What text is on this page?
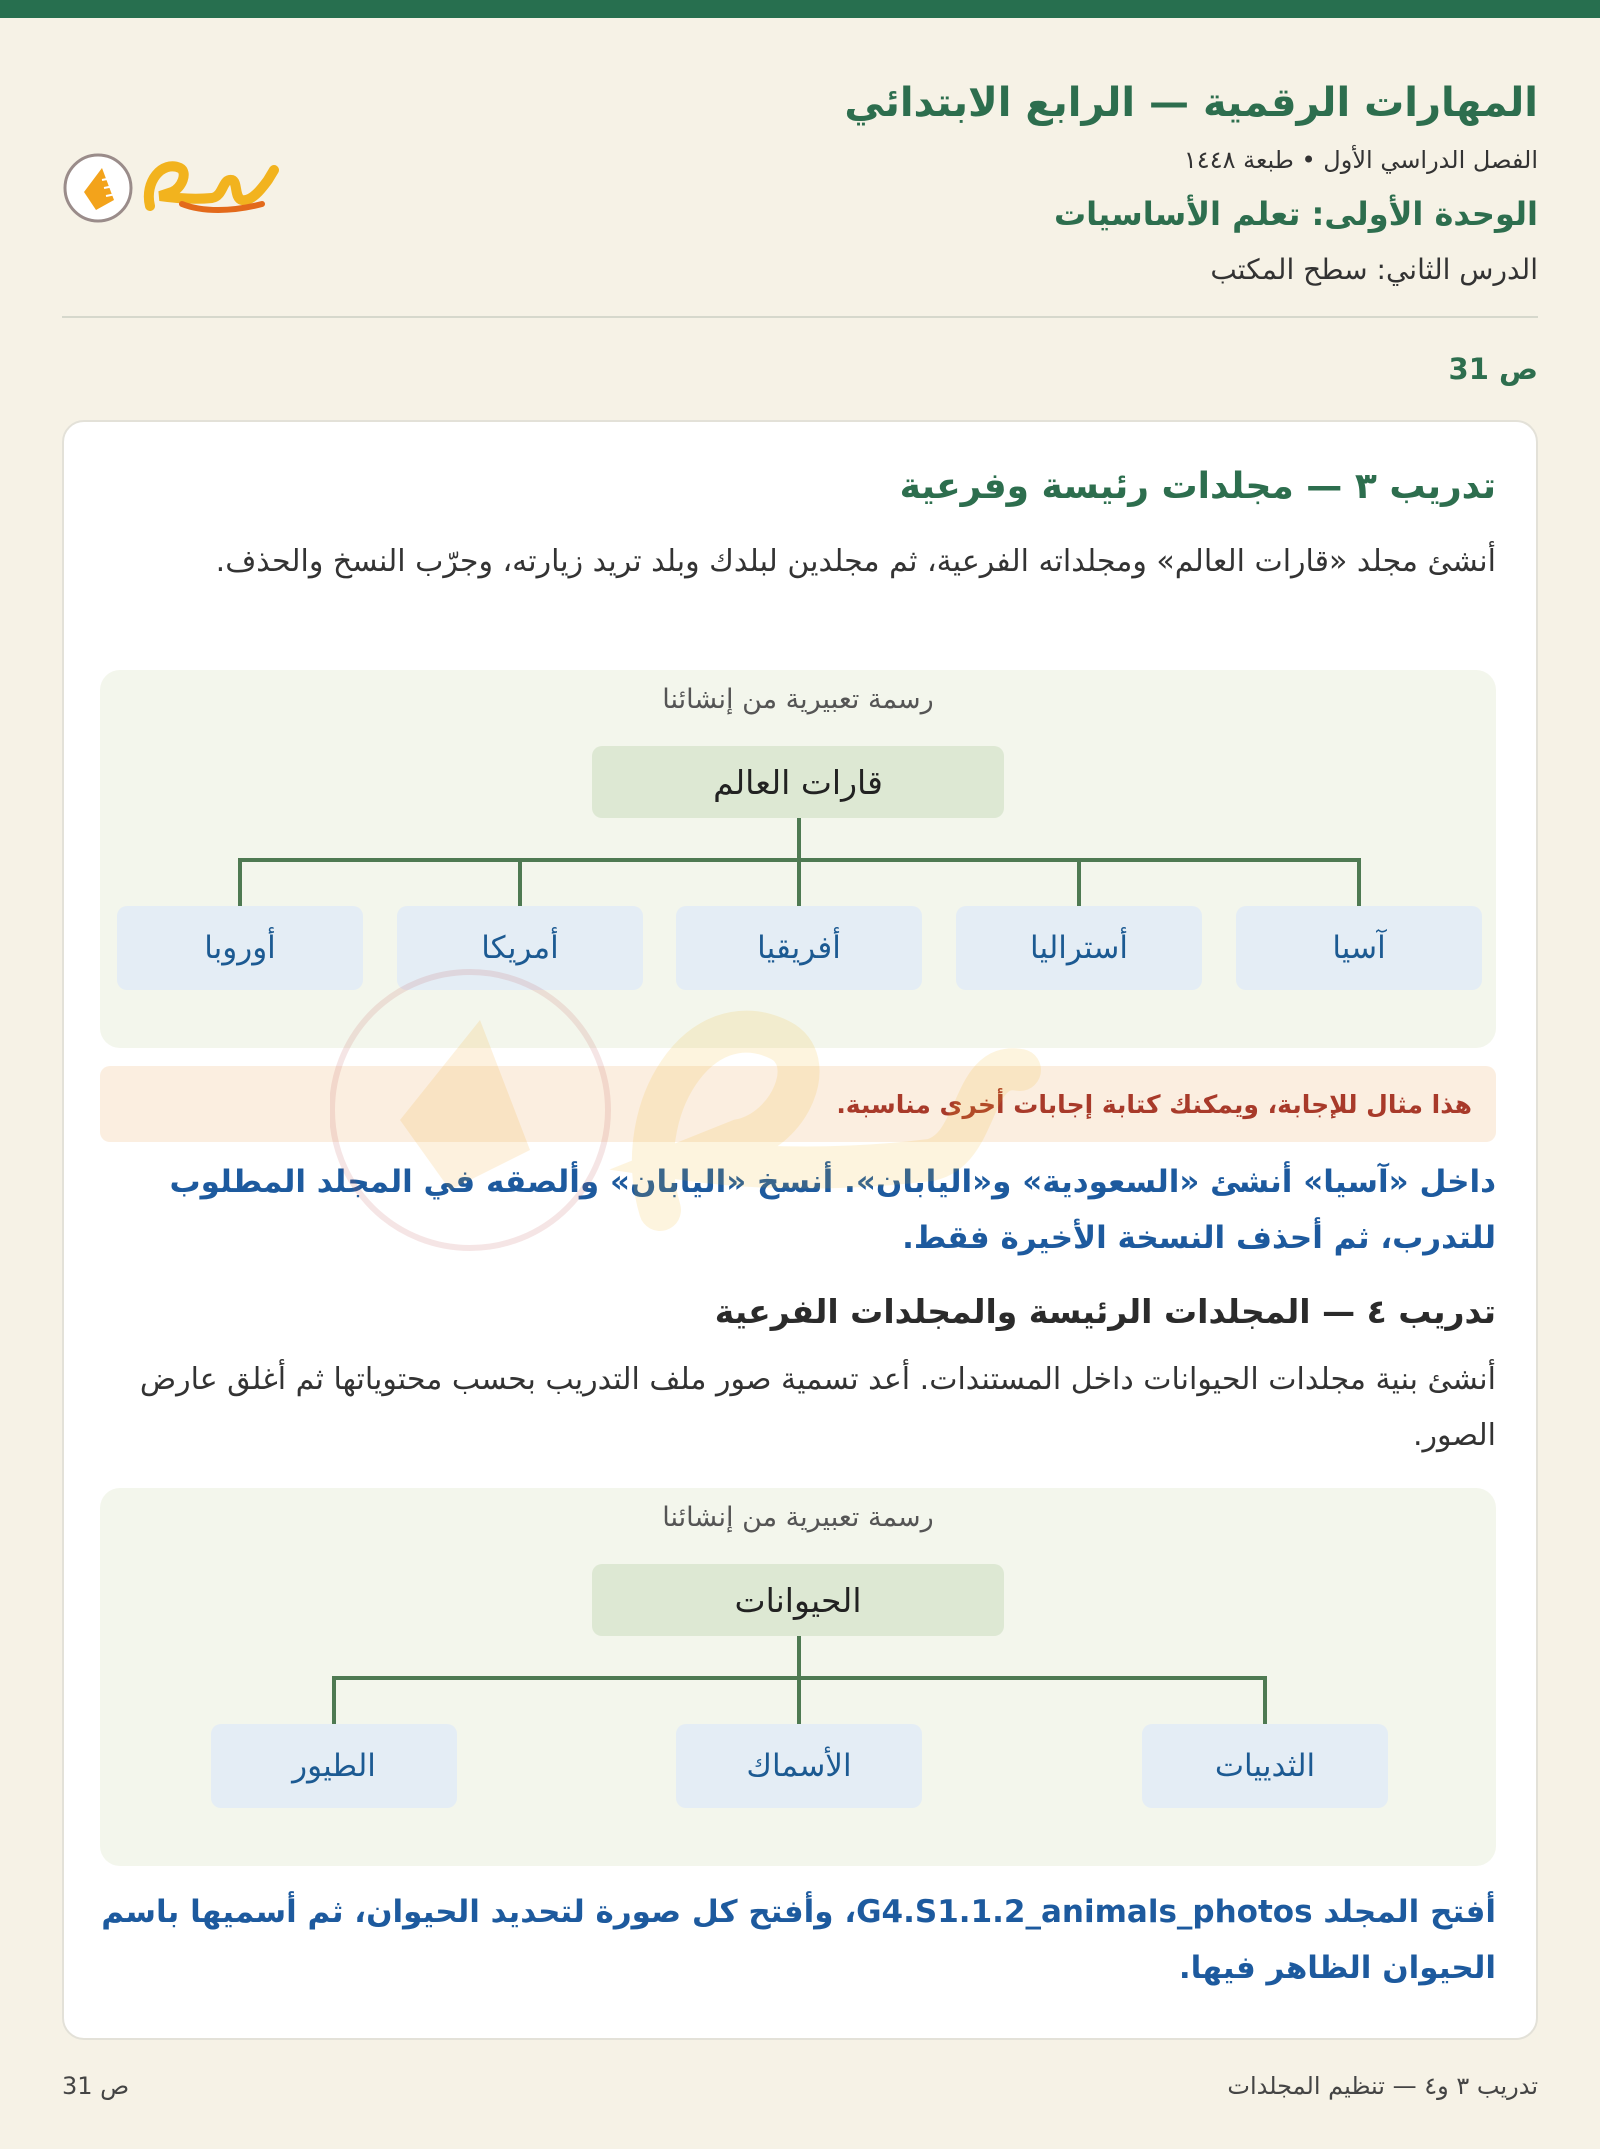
المهارات الرقمية — الرابع الابتدائي
الفصل الدراسي الأول • طبعة ١٤٤٨
الوحدة الأولى: تعلم الأساسيات
الدرس الثاني: سطح المكتب
ص 31
تدريب ٣ — مجلدات رئيسة وفرعية
أنشئ مجلد «قارات العالم» ومجلداته الفرعية، ثم مجلدين لبلدك وبلد تريد زيارته، وجرّب النسخ والحذف.
رسمة تعبيرية من إنشائنا
قارات العالم
آسيا
أستراليا
أفريقيا
أمريكا
أوروبا
هذا مثال للإجابة، ويمكنك كتابة إجابات أخرى مناسبة.
داخل «آسيا» أنشئ «السعودية» و«اليابان». أنسخ «اليابان» وألصقه في المجلد المطلوب للتدرب، ثم أحذف النسخة الأخيرة فقط.
تدريب ٤ — المجلدات الرئيسة والمجلدات الفرعية
أنشئ بنية مجلدات الحيوانات داخل المستندات. أعد تسمية صور ملف التدريب بحسب محتوياتها ثم أغلق عارض الصور.
رسمة تعبيرية من إنشائنا
الحيوانات
الثدييات
الأسماك
الطيور
أفتح المجلد G4.S1.1.2_animals_photos، وأفتح كل صورة لتحديد الحيوان، ثم أسميها باسم الحيوان الظاهر فيها.
تدريب ٣ و٤ — تنظيم المجلدات
ص 31
